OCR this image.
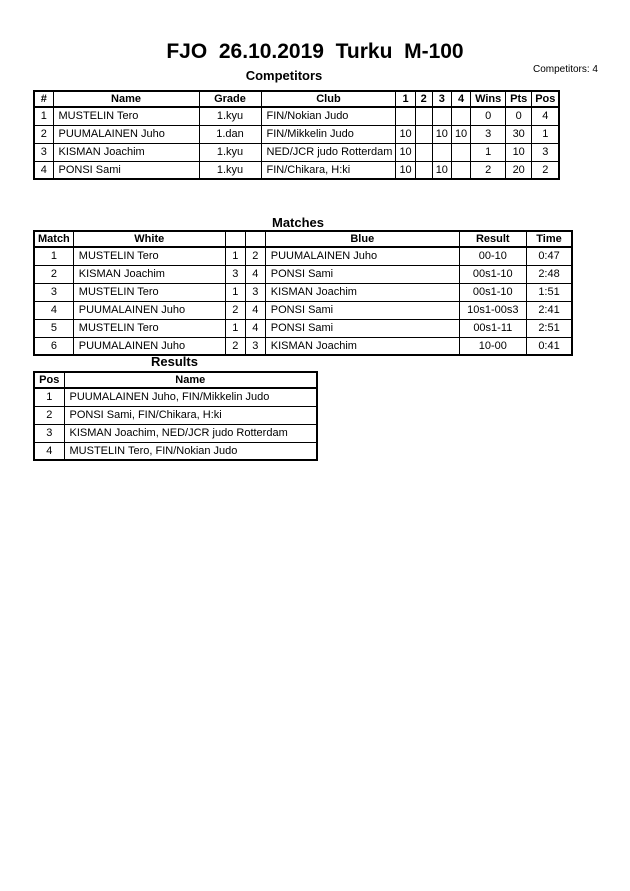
FJO  26.10.2019  Turku  M-100
Competitors	Competitors: 4
#	Name	Grade	Club	1	2	3	4	Wins	Pts	Pos
1	MUSTELIN Tero	1.kyu	FIN/Nokian Judo					0	0	4
2	PUUMALAINEN Juho	1.dan	FIN/Mikkelin Judo	10		10	10	3	30	1
3	KISMAN Joachim	1.kyu	NED/JCR judo Rotterdam	10				1	10	3
4	PONSI Sami	1.kyu	FIN/Chikara, H:ki	10		10		2	20	2
Matches
Match	White			Blue	Result	Time
1	MUSTELIN Tero	1	2	PUUMALAINEN Juho	00-10	0:47
2	KISMAN Joachim	3	4	PONSI Sami	00s1-10	2:48
3	MUSTELIN Tero	1	3	KISMAN Joachim	00s1-10	1:51
4	PUUMALAINEN Juho	2	4	PONSI Sami	10s1-00s3	2:41
5	MUSTELIN Tero	1	4	PONSI Sami	00s1-11	2:51
6	PUUMALAINEN Juho	2	3	KISMAN Joachim	10-00	0:41
Results
Pos	Name
1	PUUMALAINEN Juho, FIN/Mikkelin Judo
2	PONSI Sami, FIN/Chikara, H:ki
3	KISMAN Joachim, NED/JCR judo Rotterdam
4	MUSTELIN Tero, FIN/Nokian Judo
